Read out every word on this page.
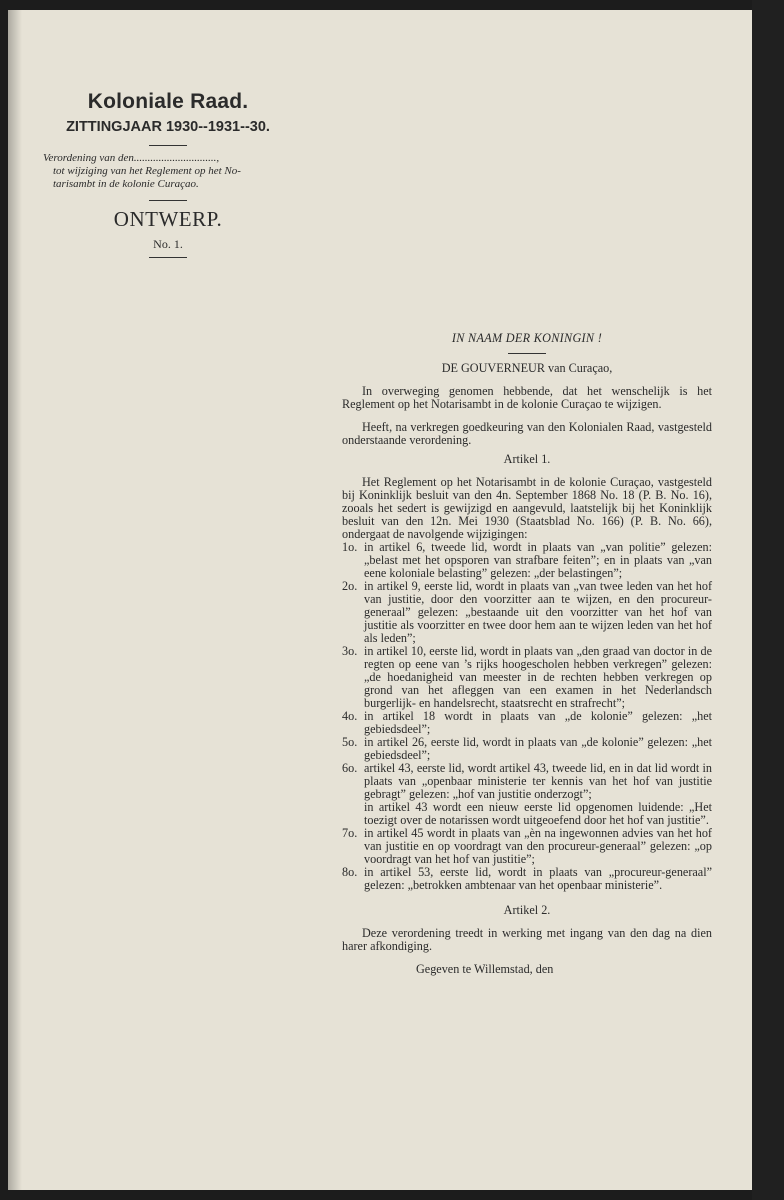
Koloniale Raad.

ZITTINGJAAR 1930--1931--30.

Verordening van den..............................,
tot wijziging van het Reglement op het No-
tarisambt in de kolonie Curaçao.

ONTWERP.

No. 1.

IN NAAM DER KONINGIN !

DE GOUVERNEUR van Curaçao,

In overweging genomen hebbende, dat het wenschelijk is het Reglement op het Notarisambt in de kolonie Curaçao te wijzigen.

Heeft, na verkregen goedkeuring van den Kolonialen Raad, vastgesteld onderstaande verordening.

Artikel 1.

Het Reglement op het Notarisambt in de kolonie Curaçao, vastgesteld bij Koninklijk besluit van den 4n. September 1868 No. 18 (P. B. No. 16), zooals het sedert is gewijzigd en aangevuld, laatstelijk bij het Koninklijk besluit van den 12n. Mei 1930 (Staatsblad No. 166) (P. B. No. 66), ondergaat de navolgende wijzigingen:

1o. in artikel 6, tweede lid, wordt in plaats van „van politie” gelezen: „belast met het opsporen van strafbare feiten”; en in plaats van „van eene koloniale belasting” gelezen: „der belastingen”;
2o. in artikel 9, eerste lid, wordt in plaats van „van twee leden van het hof van justitie, door den voorzitter aan te wijzen, en den procureur-generaal” gelezen: „bestaande uit den voorzitter van het hof van justitie als voorzitter en twee door hem aan te wijzen leden van het hof als leden”;
3o. in artikel 10, eerste lid, wordt in plaats van „den graad van doctor in de regten op eene van ’s rijks hoogescholen hebben verkregen” gelezen: „de hoedanigheid van meester in de rechten hebben verkregen op grond van het afleggen van een examen in het Nederlandsch burgerlijk- en handelsrecht, staatsrecht en strafrecht”;
4o. in artikel 18 wordt in plaats van „de kolonie” gelezen: „het gebiedsdeel”;
5o. in artikel 26, eerste lid, wordt in plaats van „de kolonie” gelezen: „het gebiedsdeel”;
6o. artikel 43, eerste lid, wordt artikel 43, tweede lid, en in dat lid wordt in plaats van „openbaar ministerie ter kennis van het hof van justitie gebragt” gelezen: „hof van justitie onderzogt”;

in artikel 43 wordt een nieuw eerste lid opgenomen luidende: „Het toezigt over de notarissen wordt uitgeoefend door het hof van justitie”.

7o. in artikel 45 wordt in plaats van „èn na ingewonnen advies van het hof van justitie en op voordragt van den procureur-generaal” gelezen: „op voordragt van het hof van justitie”;
8o. in artikel 53, eerste lid, wordt in plaats van „procureur-generaal” gelezen: „betrokken ambtenaar van het openbaar ministerie”.

Artikel 2.

Deze verordening treedt in werking met ingang van den dag na dien harer afkondiging.

Gegeven te Willemstad, den
